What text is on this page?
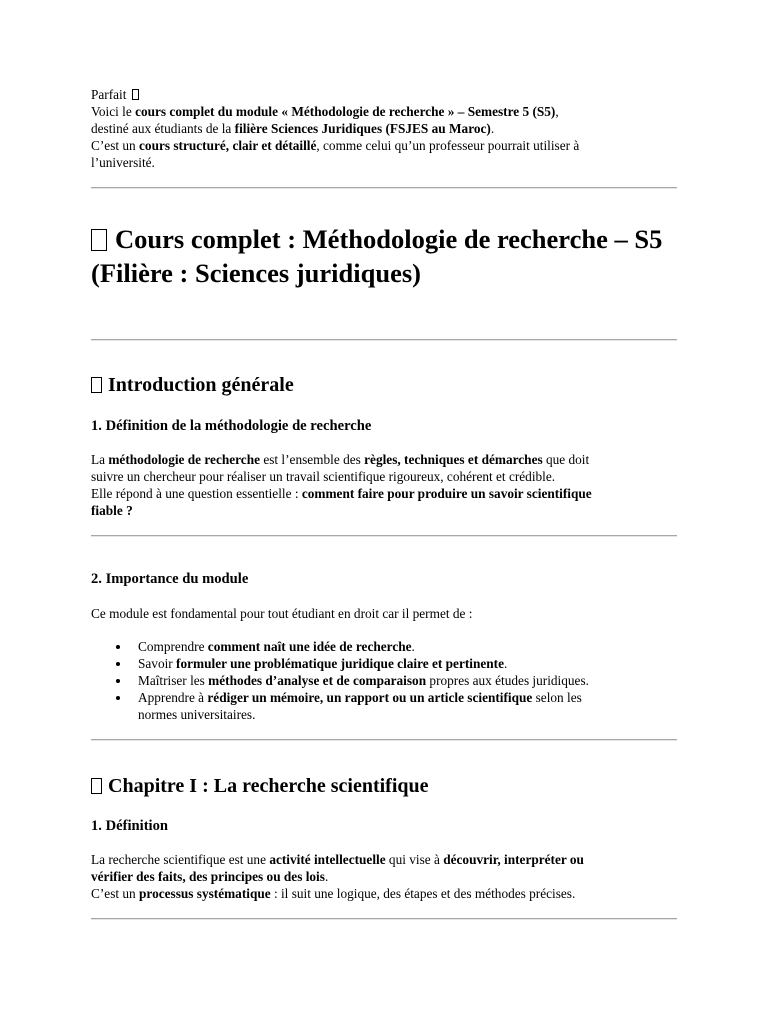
Parfait

Voici le cours complet du module « Méthodologie de recherche » – Semestre 5 (S5),

destiné aux étudiants de la filière Sciences Juridiques (FSJES au Maroc).

C’est un cours structuré, clair et détaillé, comme celui qu’un professeur pourrait utiliser à

l’université.

Cours complet : Méthodologie de recherche – S5 (Filière : Sciences juridiques)
Introduction générale
1. Définition de la méthodologie de recherche

La méthodologie de recherche est l’ensemble des règles, techniques et démarches que doit

suivre un chercheur pour réaliser un travail scientifique rigoureux, cohérent et crédible.

Elle répond à une question essentielle : comment faire pour produire un savoir scientifique

fiable ?

2. Importance du module

Ce module est fondamental pour tout étudiant en droit car il permet de :

Comprendre comment naît une idée de recherche.
Savoir formuler une problématique juridique claire et pertinente.
Maîtriser les méthodes d’analyse et de comparaison propres aux études juridiques.
Apprendre à rédiger un mémoire, un rapport ou un article scientifique selon les
normes universitaires.
Chapitre I : La recherche scientifique
1. Définition

La recherche scientifique est une activité intellectuelle qui vise à découvrir, interpréter ou

vérifier des faits, des principes ou des lois.

C’est un processus systématique : il suit une logique, des étapes et des méthodes précises.
